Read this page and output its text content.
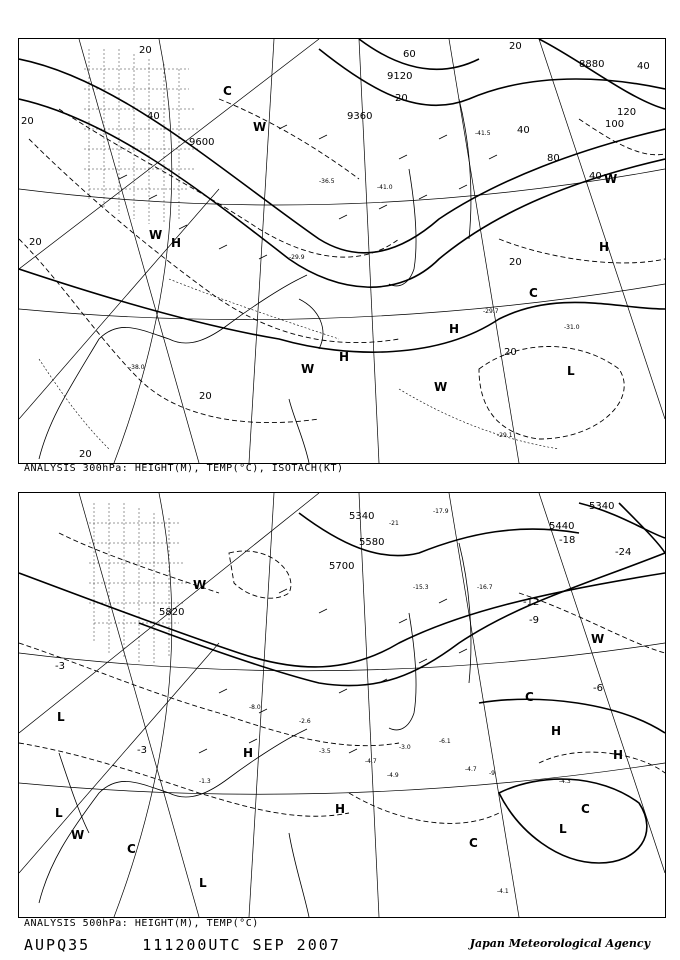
8880
9120
9360
9600
20
20	20
20
20
20
20
20
20
40
40
40
40
60
80
100
120
H
H
H
H
L
C
C
W
W
W
W
W
-29.7
-31.0
-41.5
-29.1
-36.5
-29.9
-41.0
-38.0
ANALYSIS 300hPa: HEIGHT(M), TEMP(°C), ISOTACH(KT)
5340
5340
5440
5580
5700
5820
-24
-18
-12
-9
-6
-3
-3
-9
-4.7
-4.3
-4.1
-2.6
-3.5
-1.3
-4.7
-4.9
-6.1
-8.0
-3.0
-15.3	-16.7
-17.9
-21
H
H
H
H
L
L
L
L
C
C
C
C
W
W
W
ANALYSIS 500hPa: HEIGHT(M), TEMP(°C)
AUPQ35	111200UTC SEP 2007	Japan Meteorological Agency
